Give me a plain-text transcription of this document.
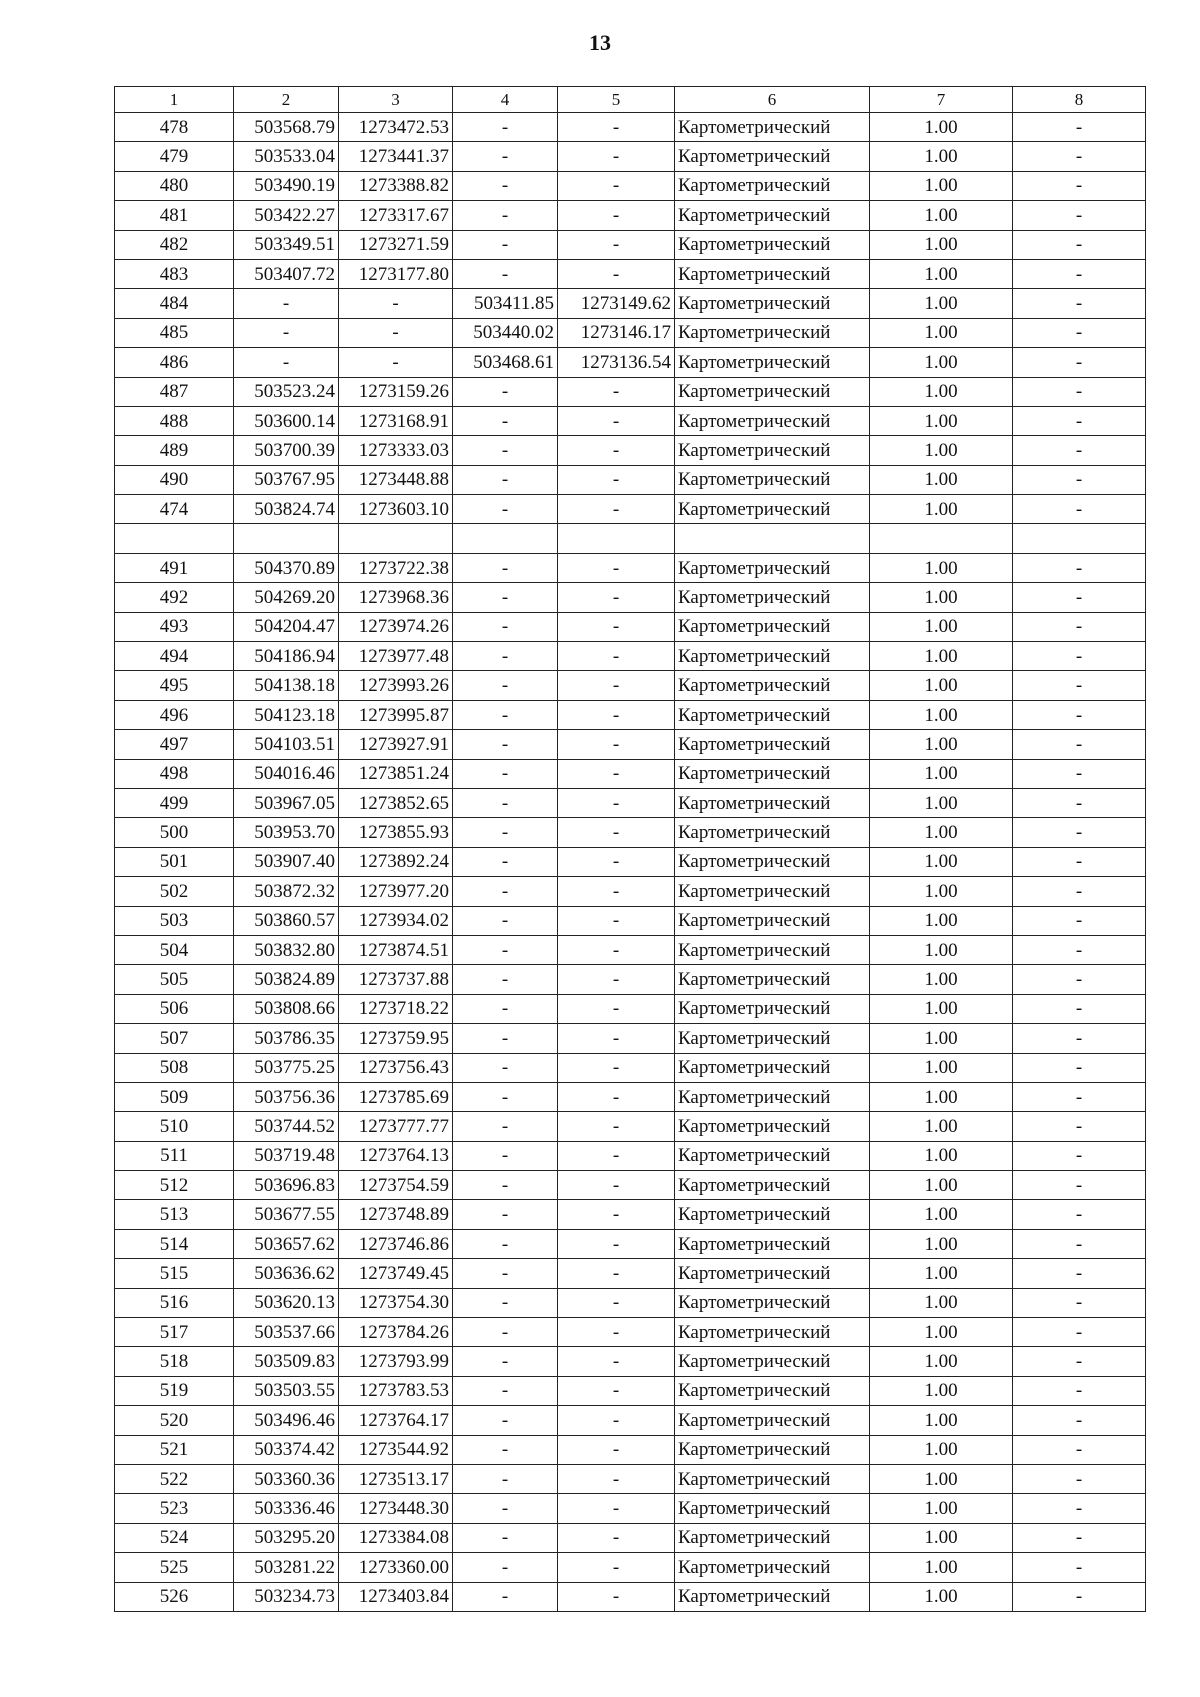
13
1	2	3	4	5	6	7	8
478	503568.79	1273472.53	-	-	Картометрический	1.00	-
479	503533.04	1273441.37	-	-	Картометрический	1.00	-
480	503490.19	1273388.82	-	-	Картометрический	1.00	-
481	503422.27	1273317.67	-	-	Картометрический	1.00	-
482	503349.51	1273271.59	-	-	Картометрический	1.00	-
483	503407.72	1273177.80	-	-	Картометрический	1.00	-
484	-	-	503411.85	1273149.62	Картометрический	1.00	-
485	-	-	503440.02	1273146.17	Картометрический	1.00	-
486	-	-	503468.61	1273136.54	Картометрический	1.00	-
487	503523.24	1273159.26	-	-	Картометрический	1.00	-
488	503600.14	1273168.91	-	-	Картометрический	1.00	-
489	503700.39	1273333.03	-	-	Картометрический	1.00	-
490	503767.95	1273448.88	-	-	Картометрический	1.00	-
474	503824.74	1273603.10	-	-	Картометрический	1.00	-

491	504370.89	1273722.38	-	-	Картометрический	1.00	-
492	504269.20	1273968.36	-	-	Картометрический	1.00	-
493	504204.47	1273974.26	-	-	Картометрический	1.00	-
494	504186.94	1273977.48	-	-	Картометрический	1.00	-
495	504138.18	1273993.26	-	-	Картометрический	1.00	-
496	504123.18	1273995.87	-	-	Картометрический	1.00	-
497	504103.51	1273927.91	-	-	Картометрический	1.00	-
498	504016.46	1273851.24	-	-	Картометрический	1.00	-
499	503967.05	1273852.65	-	-	Картометрический	1.00	-
500	503953.70	1273855.93	-	-	Картометрический	1.00	-
501	503907.40	1273892.24	-	-	Картометрический	1.00	-
502	503872.32	1273977.20	-	-	Картометрический	1.00	-
503	503860.57	1273934.02	-	-	Картометрический	1.00	-
504	503832.80	1273874.51	-	-	Картометрический	1.00	-
505	503824.89	1273737.88	-	-	Картометрический	1.00	-
506	503808.66	1273718.22	-	-	Картометрический	1.00	-
507	503786.35	1273759.95	-	-	Картометрический	1.00	-
508	503775.25	1273756.43	-	-	Картометрический	1.00	-
509	503756.36	1273785.69	-	-	Картометрический	1.00	-
510	503744.52	1273777.77	-	-	Картометрический	1.00	-
511	503719.48	1273764.13	-	-	Картометрический	1.00	-
512	503696.83	1273754.59	-	-	Картометрический	1.00	-
513	503677.55	1273748.89	-	-	Картометрический	1.00	-
514	503657.62	1273746.86	-	-	Картометрический	1.00	-
515	503636.62	1273749.45	-	-	Картометрический	1.00	-
516	503620.13	1273754.30	-	-	Картометрический	1.00	-
517	503537.66	1273784.26	-	-	Картометрический	1.00	-
518	503509.83	1273793.99	-	-	Картометрический	1.00	-
519	503503.55	1273783.53	-	-	Картометрический	1.00	-
520	503496.46	1273764.17	-	-	Картометрический	1.00	-
521	503374.42	1273544.92	-	-	Картометрический	1.00	-
522	503360.36	1273513.17	-	-	Картометрический	1.00	-
523	503336.46	1273448.30	-	-	Картометрический	1.00	-
524	503295.20	1273384.08	-	-	Картометрический	1.00	-
525	503281.22	1273360.00	-	-	Картометрический	1.00	-
526	503234.73	1273403.84	-	-	Картометрический	1.00	-
